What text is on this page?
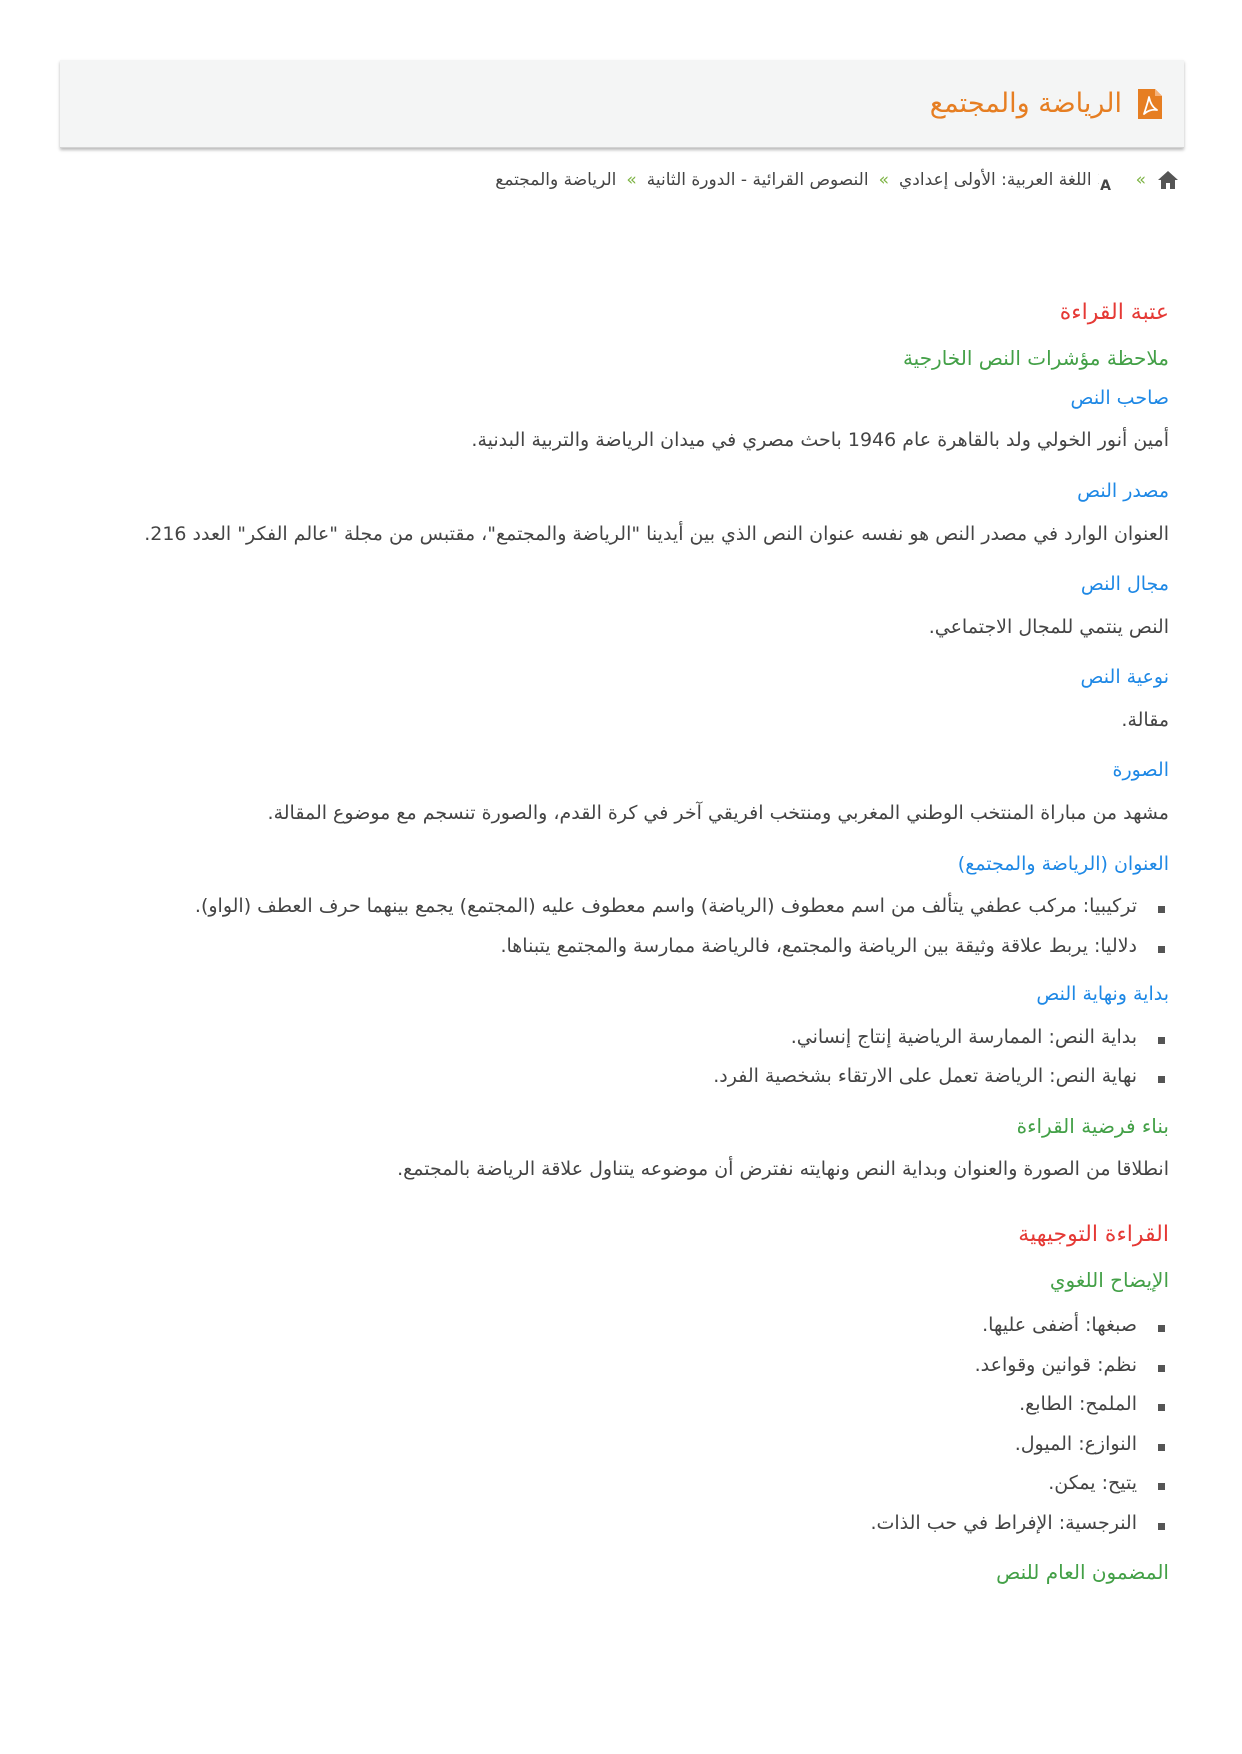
الرياضة والمجتمع
»
A
اللغة العربية: الأولى إعدادي
»
النصوص القرائية - الدورة الثانية
»
الرياضة والمجتمع
عتبة القراءة
ملاحظة مؤشرات النص الخارجية
صاحب النص

أمين أنور الخولي ولد بالقاهرة عام 1946 باحث مصري في ميدان الرياضة والتربية البدنية.

مصدر النص

العنوان الوارد في مصدر النص هو نفسه عنوان النص الذي بين أيدينا "الرياضة والمجتمع"، مقتبس من مجلة "عالم الفكر" العدد 216.

مجال النص

النص ينتمي للمجال الاجتماعي.

نوعية النص

مقالة.

الصورة

مشهد من مباراة المنتخب الوطني المغربي ومنتخب افريقي آخر في كرة القدم، والصورة تنسجم مع موضوع المقالة.

العنوان (الرياضة والمجتمع)
تركيبيا: مركب عطفي يتألف من اسم معطوف (الرياضة) واسم معطوف عليه (المجتمع) يجمع بينهما حرف العطف (الواو).
دلاليا: يربط علاقة وثيقة بين الرياضة والمجتمع، فالرياضة ممارسة والمجتمع يتبناها.
بداية ونهاية النص
بداية النص: الممارسة الرياضية إنتاج إنساني.
نهاية النص: الرياضة تعمل على الارتقاء بشخصية الفرد.
بناء فرضية القراءة

انطلاقا من الصورة والعنوان وبداية النص ونهايته نفترض أن موضوعه يتناول علاقة الرياضة بالمجتمع.

القراءة التوجيهية
الإيضاح اللغوي
صبغها: أضفى عليها.
نظم: قوانين وقواعد.
الملمح: الطابع.
النوازع: الميول.
يتيح: يمكن.
النرجسية: الإفراط في حب الذات.
المضمون العام للنص
